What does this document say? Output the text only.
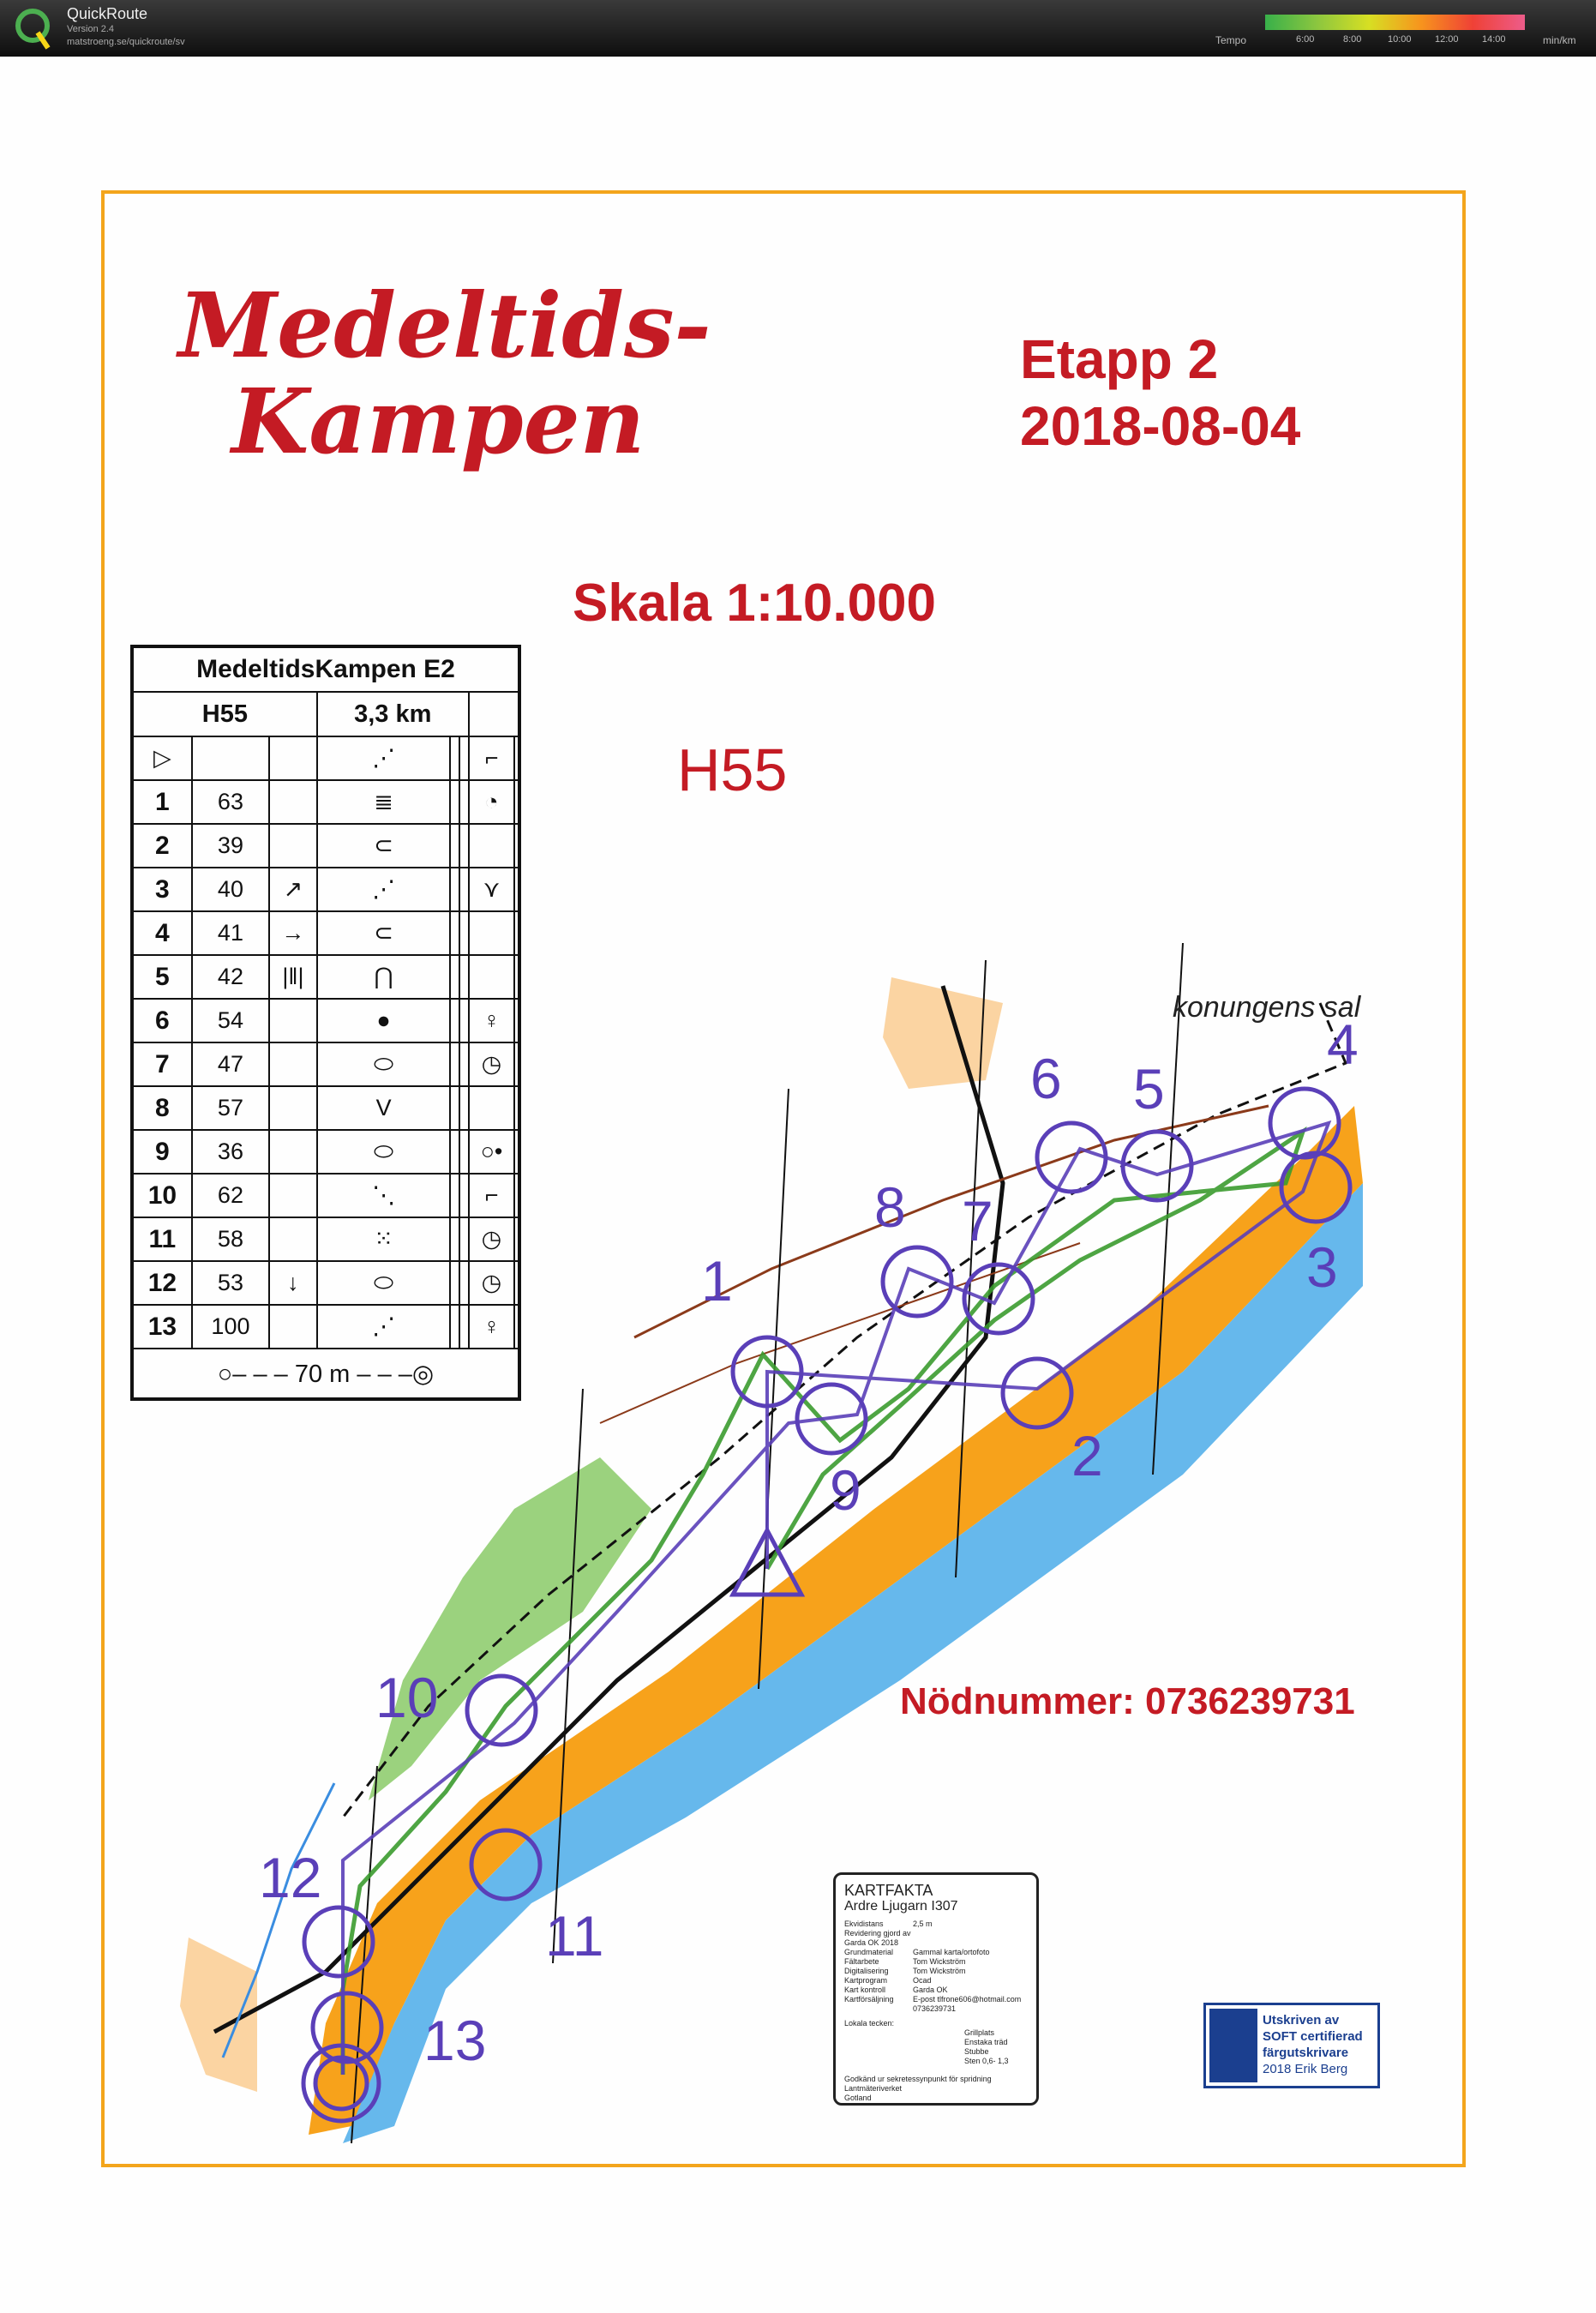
QuickRoute
Version 2.4
matstroeng.se/quickroute/sv	Tempo	6:00	8:00	10:00 12:00 14:00	min/km
Medeltids-
Kampen
Etapp 2
2018-08-04
Skala 1:10.000
H55
Nödnummer: 0736239731
konungens sal
1
2
3
4
5
6
7
8
9
10
11
12
13
MedeltidsKampen E2							
H55			3,3 km				
▷			⋰			⌐	
1	63		≣			◔	
2	39		⊂				
3	40	↗	⋰			⋎	
4	41	→	⊂				
5	42	|‖|	⋂				
6	54		●			♀	
7	47		⬭			◷	
8	57		V				
9	36		⬭			○•	
10	62		⋱			⌐	
11	58		⁙			◷	
12	53	↓	⬭			◷	
13	100		⋰			♀	
○– – – 70 m – – –◎							
KARTFAKTA
Ardre Ljugarn I307
Ekvidistans	2,5 m
Revidering gjord av Garda OK 2018
Grundmaterial	Gammal karta/ortofoto
Fältarbete	Tom Wickström
Digitalisering	Tom Wickström
Kartprogram	Ocad
Kart kontroll	Garda OK
Kartförsäljning	E-post tlfrone606@hotmail.com
0736239731
Lokala tecken:
Grillplats
Enstaka träd
Stubbe
Sten 0,6- 1,3
Godkänd ur sekretessynpunkt för spridning
Lantmäteriverket
Gotland
Utskriven av
SOFT certifierad
färgutskrivare
2018 Erik Berg
